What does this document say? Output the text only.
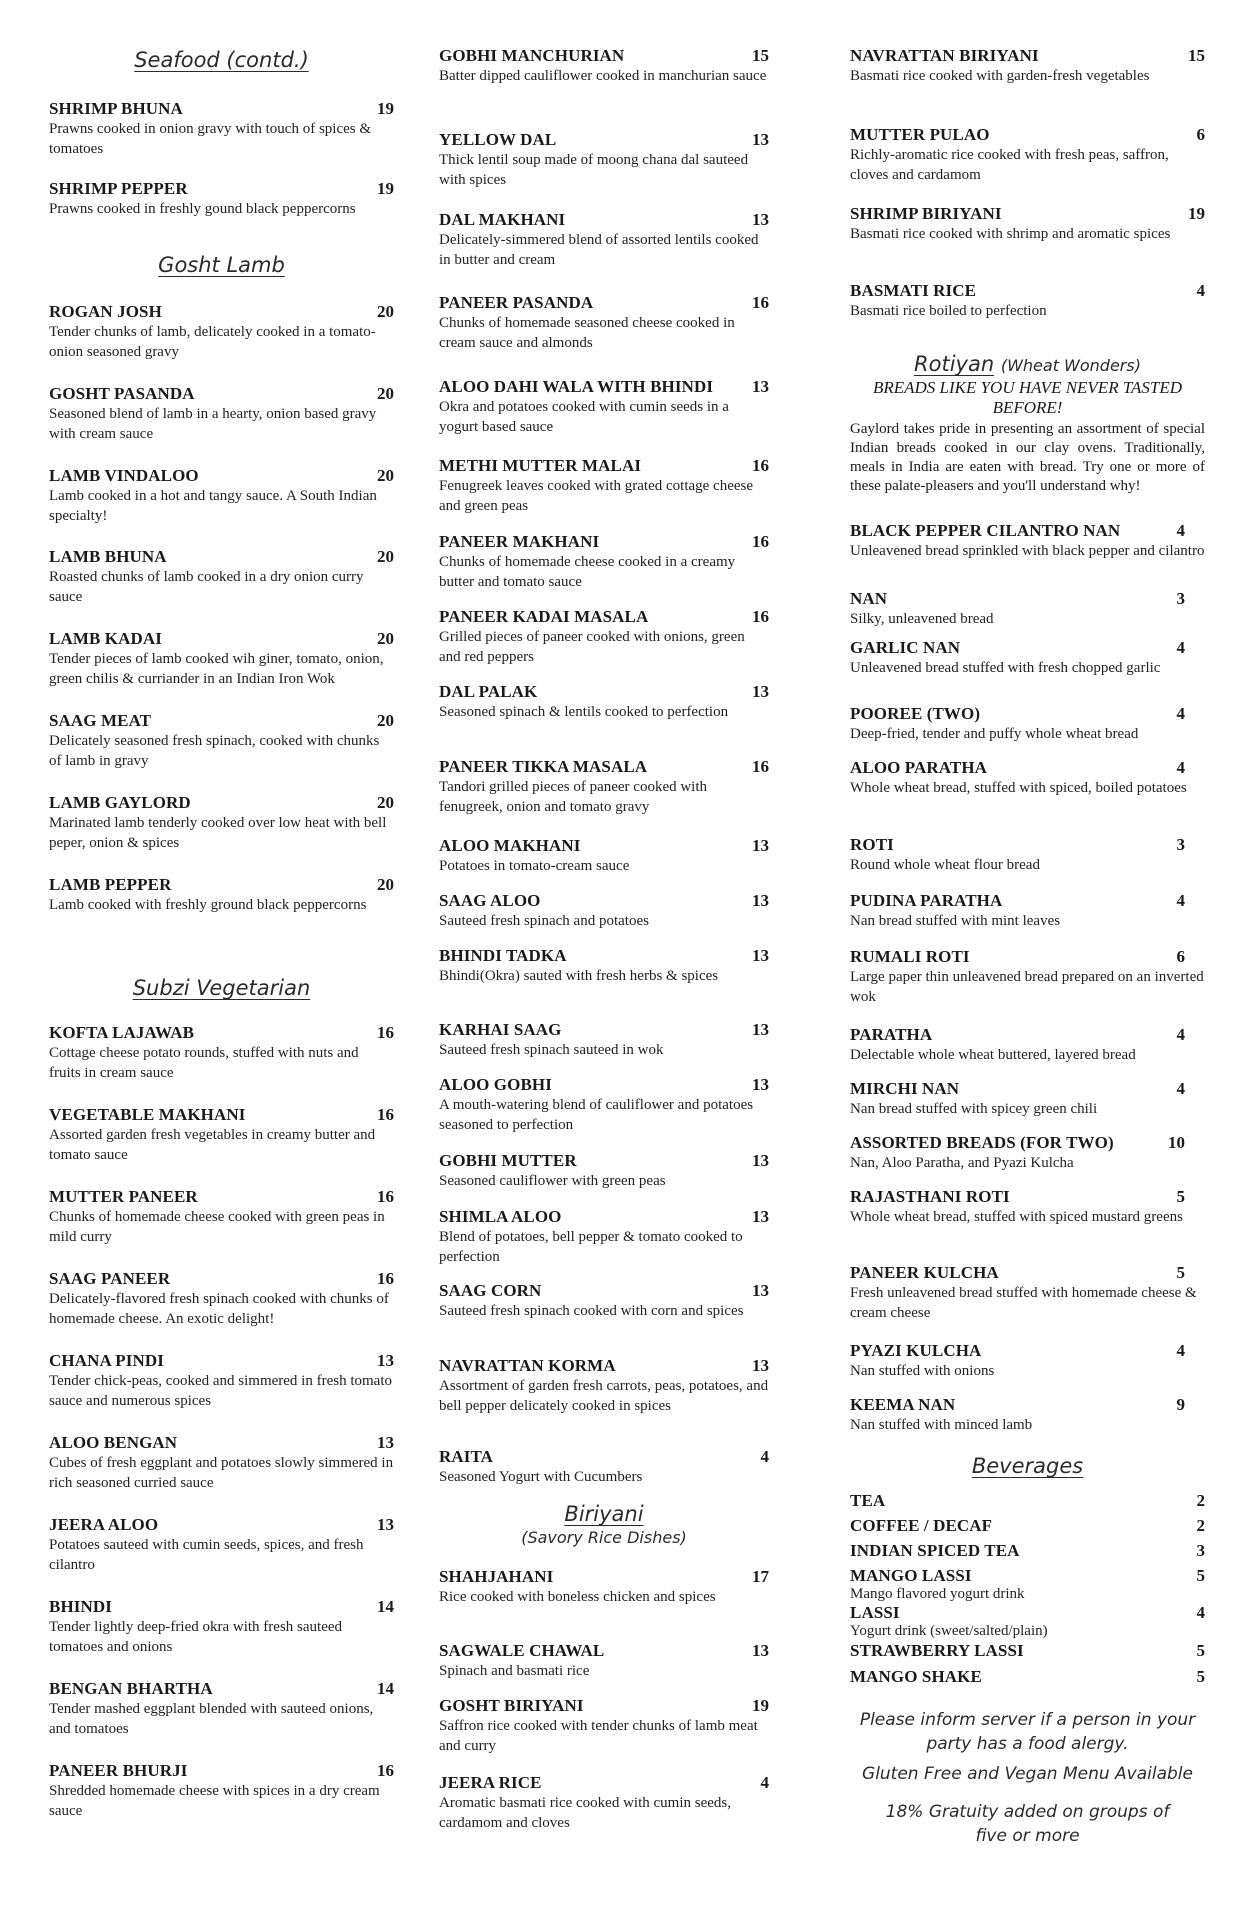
Seafood (contd.)
SHRIMP BHUNA	19
Prawns cooked in onion gravy with touch of spices & tomatoes
SHRIMP PEPPER	19
Prawns cooked in freshly gound black peppercorns
Gosht Lamb
ROGAN JOSH	20
Tender chunks of lamb, delicately cooked in a tomato-onion seasoned gravy
GOSHT PASANDA	20
Seasoned blend of lamb in a hearty, onion based gravy with cream sauce
LAMB VINDALOO	20
Lamb cooked in a hot and tangy sauce. A South Indian specialty!
LAMB BHUNA	20
Roasted chunks of lamb cooked in a dry onion curry sauce
LAMB KADAI	20
Tender pieces of lamb cooked wih giner, tomato, onion, green chilis & curriander in an Indian Iron Wok
SAAG MEAT	20
Delicately seasoned fresh spinach, cooked with chunks of lamb in gravy
LAMB GAYLORD	20
Marinated lamb tenderly cooked over low heat with bell peper, onion & spices
LAMB PEPPER	20
Lamb cooked with freshly ground black peppercorns
Subzi Vegetarian
KOFTA LAJAWAB	16
Cottage cheese potato rounds, stuffed with nuts and fruits in cream sauce
VEGETABLE MAKHANI	16
Assorted garden fresh vegetables in creamy butter and tomato sauce
MUTTER PANEER	16
Chunks of homemade cheese cooked with green peas in mild curry
SAAG PANEER	16
Delicately-flavored fresh spinach cooked with chunks of homemade cheese. An exotic delight!
CHANA PINDI	13
Tender chick-peas, cooked and simmered in fresh tomato sauce and numerous spices
ALOO BENGAN	13
Cubes of fresh eggplant and potatoes slowly simmered in rich seasoned curried sauce
JEERA ALOO	13
Potatoes sauteed with cumin seeds, spices, and fresh cilantro
BHINDI	14
Tender lightly deep-fried okra with fresh sauteed tomatoes and onions
BENGAN BHARTHA	14
Tender mashed eggplant blended with sauteed onions, and tomatoes
PANEER BHURJI	16
Shredded homemade cheese with spices in a dry cream sauce
GOBHI MANCHURIAN	15
Batter dipped cauliflower cooked in manchurian sauce
YELLOW DAL	13
Thick lentil soup made of moong chana dal sauteed with spices
DAL MAKHANI	13
Delicately-simmered blend of assorted lentils cooked in butter and cream
PANEER PASANDA	16
Chunks of homemade seasoned cheese cooked in cream sauce and almonds
ALOO DAHI WALA WITH BHINDI	13
Okra and potatoes cooked with cumin seeds in a yogurt based sauce
METHI MUTTER MALAI	16
Fenugreek leaves cooked with grated cottage cheese and green peas
PANEER MAKHANI	16
Chunks of homemade cheese cooked in a creamy butter and tomato sauce
PANEER KADAI MASALA	16
Grilled pieces of paneer cooked with onions, green and red peppers
DAL PALAK	13
Seasoned spinach & lentils cooked to perfection
PANEER TIKKA MASALA	16
Tandori grilled pieces of paneer cooked with fenugreek, onion and tomato gravy
ALOO MAKHANI	13
Potatoes in tomato-cream sauce
SAAG ALOO	13
Sauteed fresh spinach and potatoes
BHINDI TADKA	13
Bhindi(Okra) sauted with fresh herbs & spices
KARHAI SAAG	13
Sauteed fresh spinach sauteed in wok
ALOO GOBHI	13
A mouth-watering blend of cauliflower and potatoes seasoned to perfection
GOBHI MUTTER	13
Seasoned cauliflower with green peas
SHIMLA ALOO	13
Blend of potatoes, bell pepper & tomato cooked to perfection
SAAG CORN	13
Sauteed fresh spinach cooked with corn and spices
NAVRATTAN KORMA	13
Assortment of garden fresh carrots, peas, potatoes, and bell pepper delicately cooked in spices
RAITA	4
Seasoned Yogurt with Cucumbers
Biriyani
(Savory Rice Dishes)
SHAHJAHANI	17
Rice cooked with boneless chicken and spices
SAGWALE CHAWAL	13
Spinach and basmati rice
GOSHT BIRIYANI	19
Saffron rice cooked with tender chunks of lamb meat and curry
JEERA RICE	4
Aromatic basmati rice cooked with cumin seeds, cardamom and cloves
NAVRATTAN BIRIYANI	15
Basmati rice cooked with garden-fresh vegetables
MUTTER PULAO	6
Richly-aromatic rice cooked with fresh peas, saffron, cloves and cardamom
SHRIMP BIRIYANI	19
Basmati rice cooked with shrimp and aromatic spices
BASMATI RICE	4
Basmati rice boiled to perfection
Rotiyan (Wheat Wonders)
BREADS LIKE YOU HAVE NEVER TASTED BEFORE!
Gaylord takes pride in presenting an assortment of special Indian breads cooked in our clay ovens. Traditionally, meals in India are eaten with bread. Try one or more of these palate-pleasers and you'll understand why!
BLACK PEPPER CILANTRO NAN	4
Unleavened bread sprinkled with black pepper and cilantro
NAN	3
Silky, unleavened bread
GARLIC NAN	4
Unleavened bread stuffed with fresh chopped garlic
POOREE (TWO)	4
Deep-fried, tender and puffy whole wheat bread
ALOO PARATHA	4
Whole wheat bread, stuffed with spiced, boiled potatoes
ROTI	3
Round whole wheat flour bread
PUDINA PARATHA	4
Nan bread stuffed with mint leaves
RUMALI ROTI	6
Large paper thin unleavened bread prepared on an inverted wok
PARATHA	4
Delectable whole wheat buttered, layered bread
MIRCHI NAN	4
Nan bread stuffed with spicey green chili
ASSORTED BREADS (FOR TWO)	10
Nan, Aloo Paratha, and Pyazi Kulcha
RAJASTHANI ROTI	5
Whole wheat bread, stuffed with spiced mustard greens
PANEER KULCHA	5
Fresh unleavened bread stuffed with homemade cheese & cream cheese
PYAZI KULCHA	4
Nan stuffed with onions
KEEMA NAN	9
Nan stuffed with minced lamb
Beverages
TEA	2
COFFEE / DECAF	2
INDIAN SPICED TEA	3
MANGO LASSI	5
Mango flavored yogurt drink
LASSI	4
Yogurt drink (sweet/salted/plain)
STRAWBERRY LASSI	5
MANGO SHAKE	5
Please inform server if a person in your party has a food alergy.
Gluten Free and Vegan Menu Available
18% Gratuity added on groups of five or more
